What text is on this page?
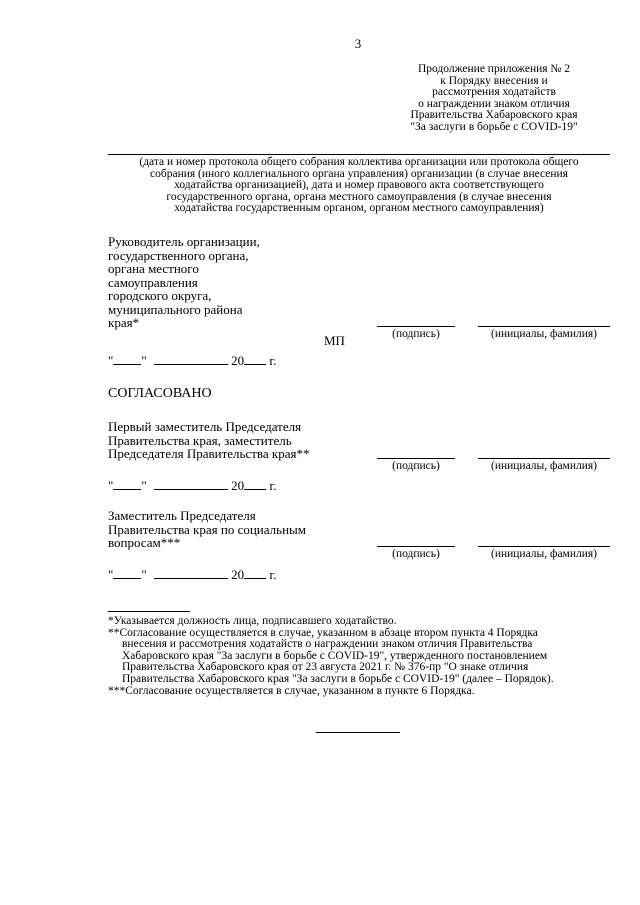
3
Продолжение приложения № 2
к Порядку внесения и
рассмотрения ходатайств
о награждении знаком отличия
Правительства Хабаровского края
"За заслуги в борьбе с COVID-19"
(дата и номер протокола общего собрания коллектива организации или протокола общего
собрания (иного коллегиального органа управления) организации (в случае внесения
ходатайства организацией), дата и номер правового акта соответствующего
государственного органа, органа местного самоуправления (в случае внесения
ходатайства государственным органом, органом местного самоуправления)
Руководитель организации,
государственного органа,
органа местного
самоуправления
городского округа,
муниципального района
края*
МП	(подпись)	(инициалы, фамилия)
" "	20 г.
СОГЛАСОВАНО
Первый заместитель Председателя
Правительства края, заместитель
Председателя Правительства края**
(подпись)	(инициалы, фамилия)
" "	20 г.
Заместитель Председателя
Правительства края по социальным
вопросам***
(подпись)	(инициалы, фамилия)
" "	20 г.
*Указывается должность лица, подписавшего ходатайство.
**Согласование осуществляется в случае, указанном в абзаце втором пункта 4 Порядка
внесения и рассмотрения ходатайств о награждении знаком отличия Правительства
Хабаровского края "За заслуги в борьбе с COVID-19", утвержденного постановлением
Правительства Хабаровского края от 23 августа 2021 г. № 376-пр "О знаке отличия
Правительства Хабаровского края "За заслуги в борьбе с COVID-19" (далее – Порядок).
***Согласование осуществляется в случае, указанном в пункте 6 Порядка.
